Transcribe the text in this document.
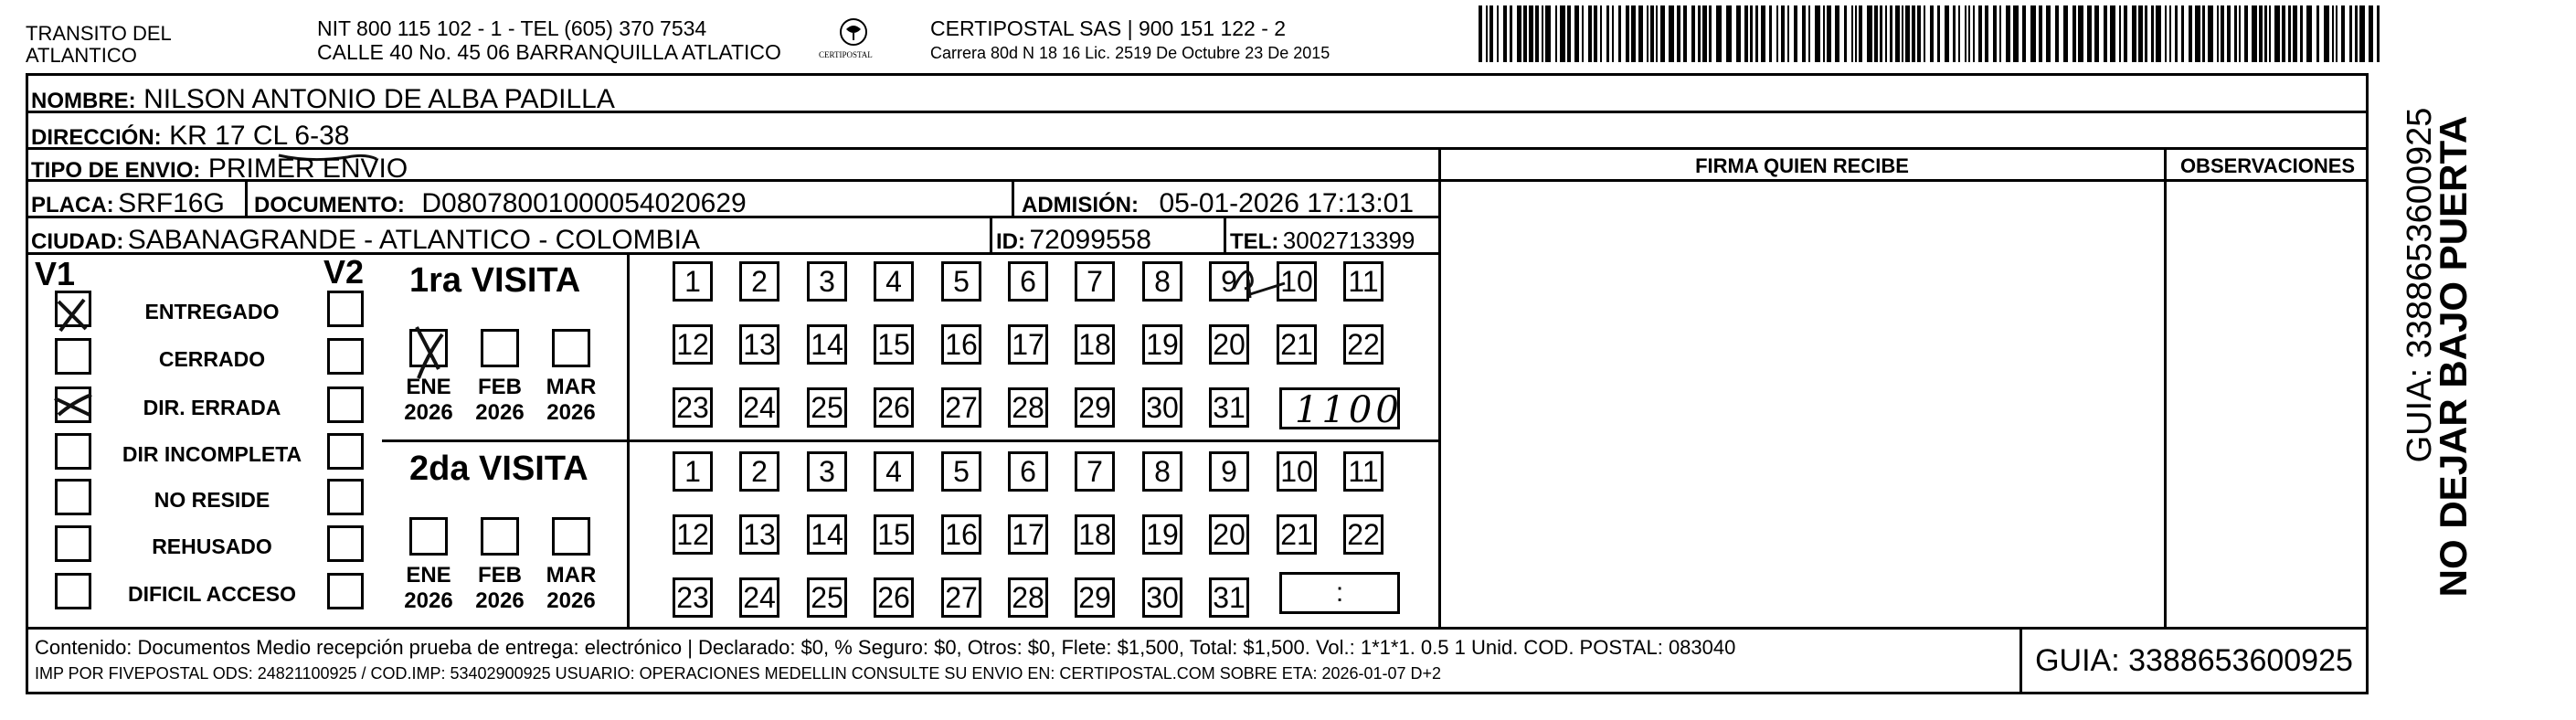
TRANSITO DEL
ATLANTICO
NIT 800 115 102 - 1 - TEL (605) 370 7534
CALLE 40 No. 45 06 BARRANQUILLA ATLATICO	CERTIPOSTAL
CERTIPOSTAL SAS | 900 151 122 - 2
Carrera 80d N 18 16 Lic. 2519 De Octubre 23 De 2015
NOMBRE: NILSON ANTONIO DE ALBA PADILLA
DIRECCIÓN: KR 17 CL 6-38
TIPO DE ENVIO: PRIMER ENVIO
PLACA: SRF16G DOCUMENTO: D08078001000054020629	ADMISIÓN: 05-01-2026 17:13:01
CIUDAD: SABANAGRANDE - ATLANTICO - COLOMBIA	ID: 72099558	TEL: 3002713399
FIRMA QUIEN RECIBE	OBSERVACIONES
V1	V2
ENTREGADO
CERRADO
DIR. ERRADA
DIR INCOMPLETA
NO RESIDE
REHUSADO
DIFICIL ACCESO
1ra VISITA
ENE
2026
FEB
2026
MAR
2026
1	2	3	4	5	6	7	8	9	10 11
12 13 14 15 16 17 18 19 20 21 22
23 24 25 26 27 28 29 30 31 1100
2da VISITA
ENE
2026
FEB
2026
MAR
2026
1	2	3	4	5	6	7	8	9	10 11
12 13 14 15 16 17 18 19 20 21 22
23 24 25 26 27 28 29 30 31	:
Contenido: Documentos Medio recepción prueba de entrega: electrónico | Declarado: $0, % Seguro: $0, Otros: $0, Flete: $1,500, Total: $1,500. Vol.: 1*1*1. 0.5 1 Unid. COD. POSTAL: 083040
IMP POR FIVEPOSTAL ODS: 24821100925 / COD.IMP: 53402900925 USUARIO: OPERACIONES MEDELLIN CONSULTE SU ENVIO EN: CERTIPOSTAL.COM SOBRE ETA: 2026-01-07 D+2	GUIA: 3388653600925
NO DEJAR BAJO PUERTA
GUIA: 3388653600925
